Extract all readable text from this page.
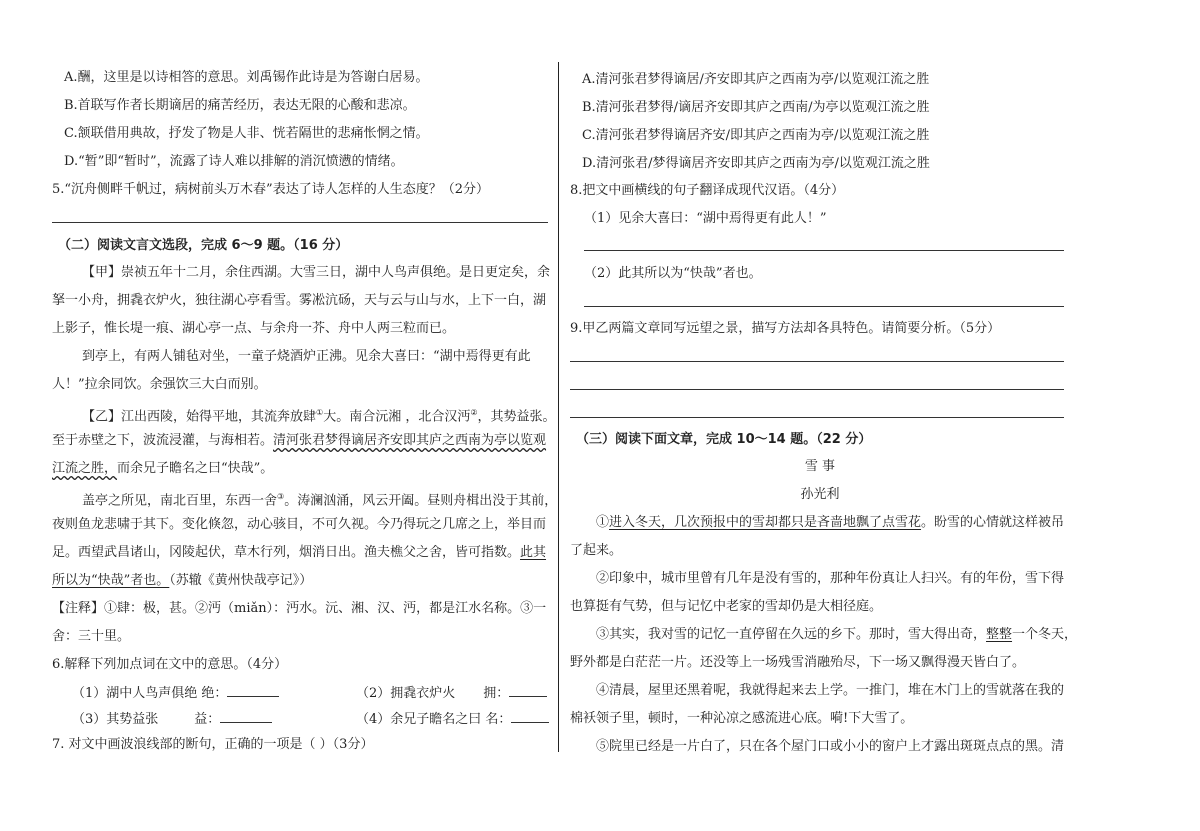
A.酬，这里是以诗相答的意思。刘禹锡作此诗是为答谢白居易。
B.首联写作者长期谪居的痛苦经历，表达无限的心酸和悲凉。
C.颔联借用典故，抒发了物是人非、恍若隔世的悲痛怅惘之情。
D.“暂”即“暂时”，流露了诗人难以排解的消沉愤懑的情绪。
5.“沉舟侧畔千帆过，病树前头万木春”表达了诗人怎样的人生态度？（2分）
（二）阅读文言文选段，完成 6～9 题。（16 分）
【甲】崇祯五年十二月，余住西湖。大雪三日，湖中人鸟声俱绝。是日更定矣，余
拏一小舟，拥毳衣炉火，独往湖心亭看雪。雾凇沆砀，天与云与山与水，上下一白，湖
上影子，惟长堤一痕、湖心亭一点、与余舟一芥、舟中人两三粒而已。
到亭上，有两人铺毡对坐，一童子烧酒炉正沸。见余大喜曰：“湖中焉得更有此
人！”拉余同饮。余强饮三大白而别。
【乙】江出西陵，始得平地，其流奔放肆①大。南合沅湘 ，北合汉沔②，其势益张。
至于赤壁之下，波流浸灌，与海相若。清河张君梦得谪居齐安即其庐之西南为亭以览观
江流之胜，而余兄子瞻名之曰“快哉”。
盖亭之所见，南北百里，东西一舍③。涛澜汹涌，风云开阖。昼则舟楫出没于其前，
夜则鱼龙悲啸于其下。变化倏忽，动心骇目，不可久视。今乃得玩之几席之上，举目而
足。西望武昌诸山，冈陵起伏，草木行列，烟消日出。渔夫樵父之舍，皆可指数。此其
所以为“快哉”者也。（苏辙《黄州快哉亭记》）
【注释】①肆：极，甚。②沔（miǎn）：沔水。沅、湘、汉、沔，都是江水名称。③一
舍：三十里。
6.解释下列加点词在文中的意思。（4分）
（1）湖中人鸟声俱绝 绝：	（2）拥毳衣炉火 拥：
（3）其势益张	益：	（4）余兄子瞻名之曰 名：
7. 对文中画波浪线部的断句，正确的一项是（ ）（3分）
A.清河张君梦得谪居/齐安即其庐之西南为亭/以览观江流之胜
B.清河张君梦得/谪居齐安即其庐之西南/为亭以览观江流之胜
C.清河张君梦得谪居齐安/即其庐之西南为亭/以览观江流之胜
D.清河张君/梦得谪居齐安即其庐之西南为亭/以览观江流之胜
8.把文中画横线的句子翻译成现代汉语。（4分）
（1）见余大喜曰：“湖中焉得更有此人！”
（2）此其所以为“快哉”者也。
9.甲乙两篇文章同写远望之景，描写方法却各具特色。请简要分析。（5分）
（三）阅读下面文章，完成 10～14 题。（22 分）
雪 事
孙光利
①进入冬天，几次预报中的雪却都只是吝啬地飘了点雪花。盼雪的心情就这样被吊
了起来。
②印象中，城市里曾有几年是没有雪的，那种年份真让人扫兴。有的年份，雪下得
也算挺有气势，但与记忆中老家的雪却仍是大相径庭。
③其实，我对雪的记忆一直停留在久远的乡下。那时，雪大得出奇，整整一个冬天，
野外都是白茫茫一片。还没等上一场残雪消融殆尽，下一场又飘得漫天皆白了。
④清晨，屋里还黑着呢，我就得起来去上学。一推门，堆在木门上的雪就落在我的
棉袄领子里，顿时，一种沁凉之感流进心底。嗬!下大雪了。
⑤院里已经是一片白了，只在各个屋门口或小小的窗户上才露出斑斑点点的黑。清
